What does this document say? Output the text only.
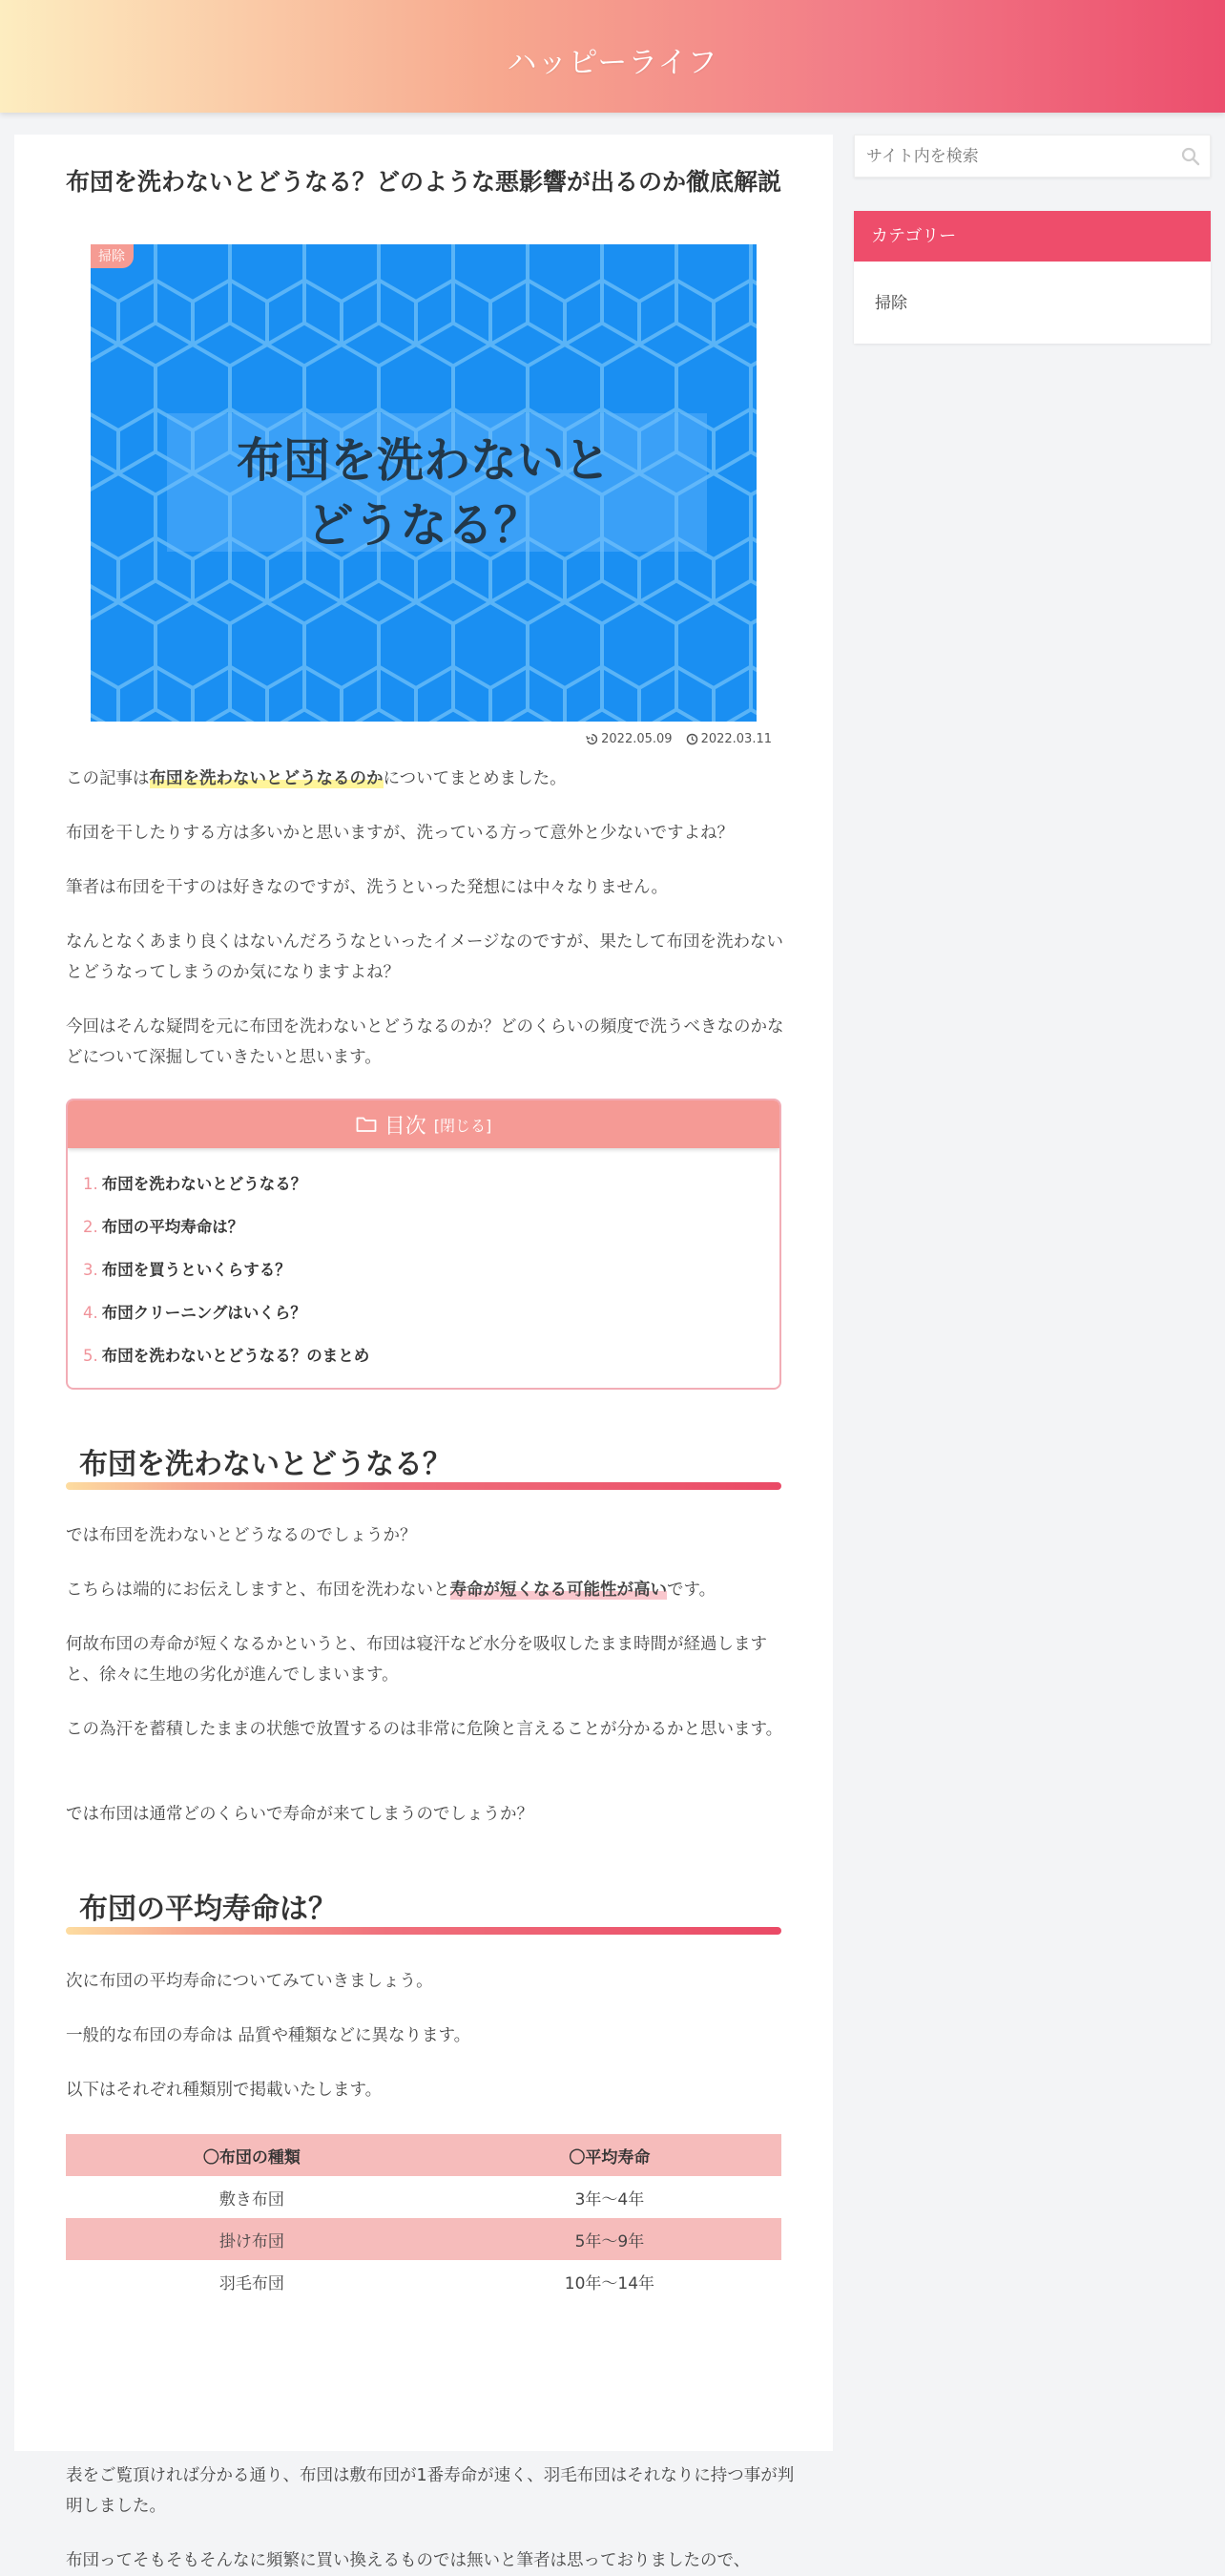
ハッピーライフ
布団を洗わないとどうなる？どのような悪影響が出るのか徹底解説
布団を洗わないと
どうなる？
掃除
2022.05.09 2022.03.11

この記事は布団を洗わないとどうなるのかについてまとめました。

布団を干したりする方は多いかと思いますが、洗っている方って意外と少ないですよね？

筆者は布団を干すのは好きなのですが、洗うといった発想には中々なりません。

なんとなくあまり良くはないんだろうなといったイメージなのですが、果たして布団を洗わないとどうなってしまうのか気になりますよね？

今回はそんな疑問を元に布団を洗わないとどうなるのか？どのくらいの頻度で洗うべきなのかなどについて深掘していきたいと思います。

目次 [閉じる]
1. 布団を洗わないとどうなる？
2. 布団の平均寿命は？
3. 布団を買うといくらする？
4. 布団クリーニングはいくら？
5. 布団を洗わないとどうなる？のまとめ
布団を洗わないとどうなる？

では布団を洗わないとどうなるのでしょうか？

こちらは端的にお伝えしますと、布団を洗わないと寿命が短くなる可能性が高いです。

何故布団の寿命が短くなるかというと、布団は寝汗など水分を吸収したまま時間が経過しますと、徐々に生地の劣化が進んでしまいます。

この為汗を蓄積したままの状態で放置するのは非常に危険と言えることが分かるかと思います。

では布団は通常どのくらいで寿命が来てしまうのでしょうか？

布団の平均寿命は？

次に布団の平均寿命についてみていきましょう。

一般的な布団の寿命は 品質や種類などに異なります。

以下はそれぞれ種類別で掲載いたします。

〇布団の種類	〇平均寿命
敷き布団	3年～4年
掛け布団	5年～9年
羽毛布団	10年～14年

表をご覧頂ければ分かる通り、布団は敷布団が1番寿命が速く、羽毛布団はそれなりに持つ事が判明しました。

布団ってそもそもそんなに頻繁に買い換えるものでは無いと筆者は思っておりましたので、

サイト内を検索
カテゴリー
掃除
